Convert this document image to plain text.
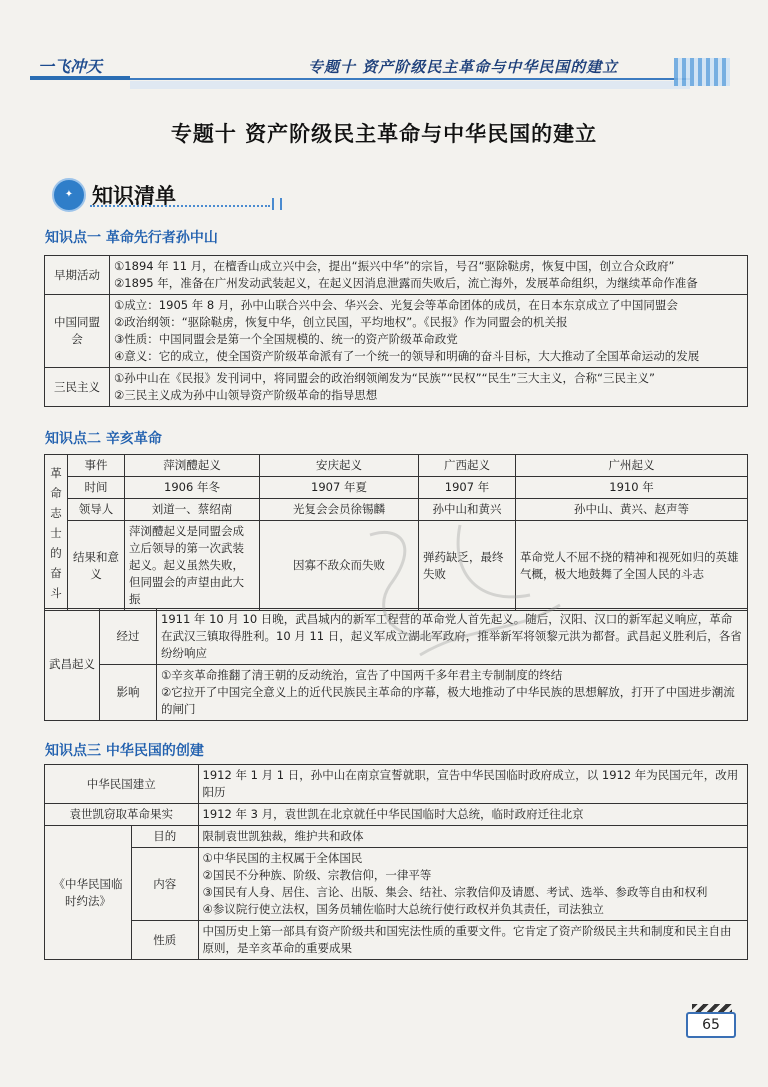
一飞冲天	专题十 资产阶级民主革命与中华民国的建立
专题十 资产阶级民主革命与中华民国的建立
✦ 知识清单
知识点一 革命先行者孙中山
早期活动	①1894 年 11 月，在檀香山成立兴中会，提出“振兴中华”的宗旨，号召“驱除鞑虏，恢复中国，创立合众政府”
②1895 年，准备在广州发动武装起义，在起义因消息泄露而失败后，流亡海外，发展革命组织，为继续革命作准备

中国同盟会	①成立：1905 年 8 月，孙中山联合兴中会、华兴会、光复会等革命团体的成员，在日本东京成立了中国同盟会
②政治纲领：“驱除鞑虏，恢复中华，创立民国，平均地权”。《民报》作为同盟会的机关报
③性质：中国同盟会是第一个全国规模的、统一的资产阶级革命政党
④意义：它的成立，使全国资产阶级革命派有了一个统一的领导和明确的奋斗目标，大大推动了全国革命运动的发展

三民主义	①孙中山在《民报》发刊词中，将同盟会的政治纲领阐发为“民族”“民权”“民生”三大主义，合称“三民主义”
②三民主义成为孙中山领导资产阶级革命的指导思想
知识点二 辛亥革命
革命志士的奋斗	事件	萍浏醴起义	安庆起义	广西起义	广州起义
	时间	1906 年冬	1907 年夏	1907 年	1910 年
	领导人	刘道一、蔡绍南	光复会会员徐锡麟	孙中山和黄兴	孙中山、黄兴、赵声等
	结果和意义	萍浏醴起义是同盟会成立后领导的第一次武装起义。起义虽然失败，但同盟会的声望由此大振	因寡不敌众而失败	弹药缺乏，最终失败	革命党人不屈不挠的精神和视死如归的英雄气概，极大地鼓舞了全国人民的斗志
武昌起义	经过	1911 年 10 月 10 日晚，武昌城内的新军工程营的革命党人首先起义。随后，汉阳、汉口的新军起义响应，革命在武汉三镇取得胜利。10 月 11 日，起义军成立湖北军政府，推举新军将领黎元洪为都督。武昌起义胜利后，各省纷纷响应
	影响	①辛亥革命推翻了清王朝的反动统治，宣告了中国两千多年君主专制制度的终结
②它拉开了中国完全意义上的近代民族民主革命的序幕，极大地推动了中华民族的思想解放，打开了中国进步潮流的闸门
知识点三 中华民国的创建
中华民国建立		1912 年 1 月 1 日，孙中山在南京宣誓就职，宣告中华民国临时政府成立，以 1912 年为民国元年，改用阳历
袁世凯窃取革命果实		1912 年 3 月，袁世凯在北京就任中华民国临时大总统，临时政府迁往北京
《中华民国临时约法》	目的	限制袁世凯独裁，维护共和政体
	内容	①中华民国的主权属于全体国民
②国民不分种族、阶级、宗教信仰，一律平等
③国民有人身、居住、言论、出版、集会、结社、宗教信仰及请愿、考试、选举、参政等自由和权利
④参议院行使立法权，国务员辅佐临时大总统行使行政权并负其责任，司法独立

	性质	中国历史上第一部具有资产阶级共和国宪法性质的重要文件。它肯定了资产阶级民主共和制度和民主自由原则，是辛亥革命的重要成果
65
